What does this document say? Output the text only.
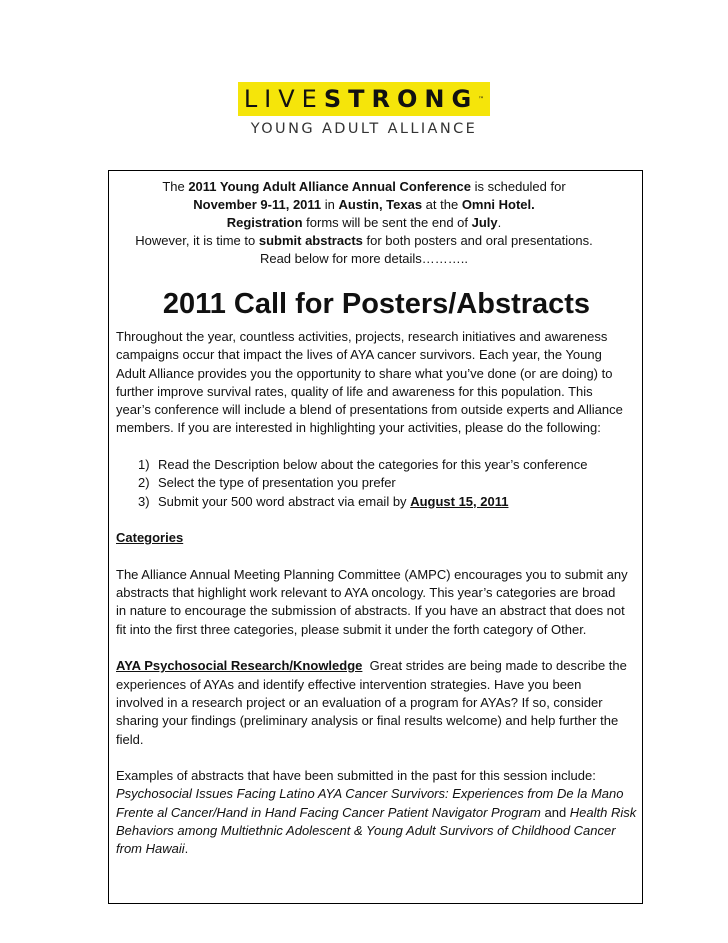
LIVE STRONG ™
YOUNG ADULT ALLIANCE
The 2011 Young Adult Alliance Annual Conference is scheduled for
November 9-11, 2011 in Austin, Texas at the Omni Hotel.
Registration forms will be sent the end of July.
However, it is time to submit abstracts for both posters and oral presentations.
Read below for more details………..
2011 Call for Posters/Abstracts

Throughout the year, countless activities, projects, research initiatives and awareness
campaigns occur that impact the lives of AYA cancer survivors. Each year, the Young
Adult Alliance provides you the opportunity to share what you’ve done (or are doing) to
further improve survival rates, quality of life and awareness for this population. This
year’s conference will include a blend of presentations from outside experts and Alliance
members. If you are interested in highlighting your activities, please do the following:

1) Read the Description below about the categories for this year’s conference
2) Select the type of presentation you prefer
3) Submit your 500 word abstract via email by
August 15, 2011

Categories

The Alliance Annual Meeting Planning Committee (AMPC) encourages you to submit any
abstracts that highlight work relevant to AYA oncology. This year’s categories are broad
in nature to encourage the submission of abstracts. If you have an abstract that does not
fit into the first three categories, please submit it under the forth category of Other.

AYA Psychosocial Research/Knowledge  Great strides are being made to describe the
experiences of AYAs and identify effective intervention strategies. Have you been
involved in a research project or an evaluation of a program for AYAs? If so, consider
sharing your findings (preliminary analysis or final results welcome) and help further the
field.

Examples of abstracts that have been submitted in the past for this session include:
Psychosocial Issues Facing Latino AYA Cancer Survivors: Experiences from De la Mano
Frente al Cancer/Hand in Hand Facing Cancer Patient Navigator Program and Health Risk
Behaviors among Multiethnic Adolescent & Young Adult Survivors of Childhood Cancer
from Hawaii.
